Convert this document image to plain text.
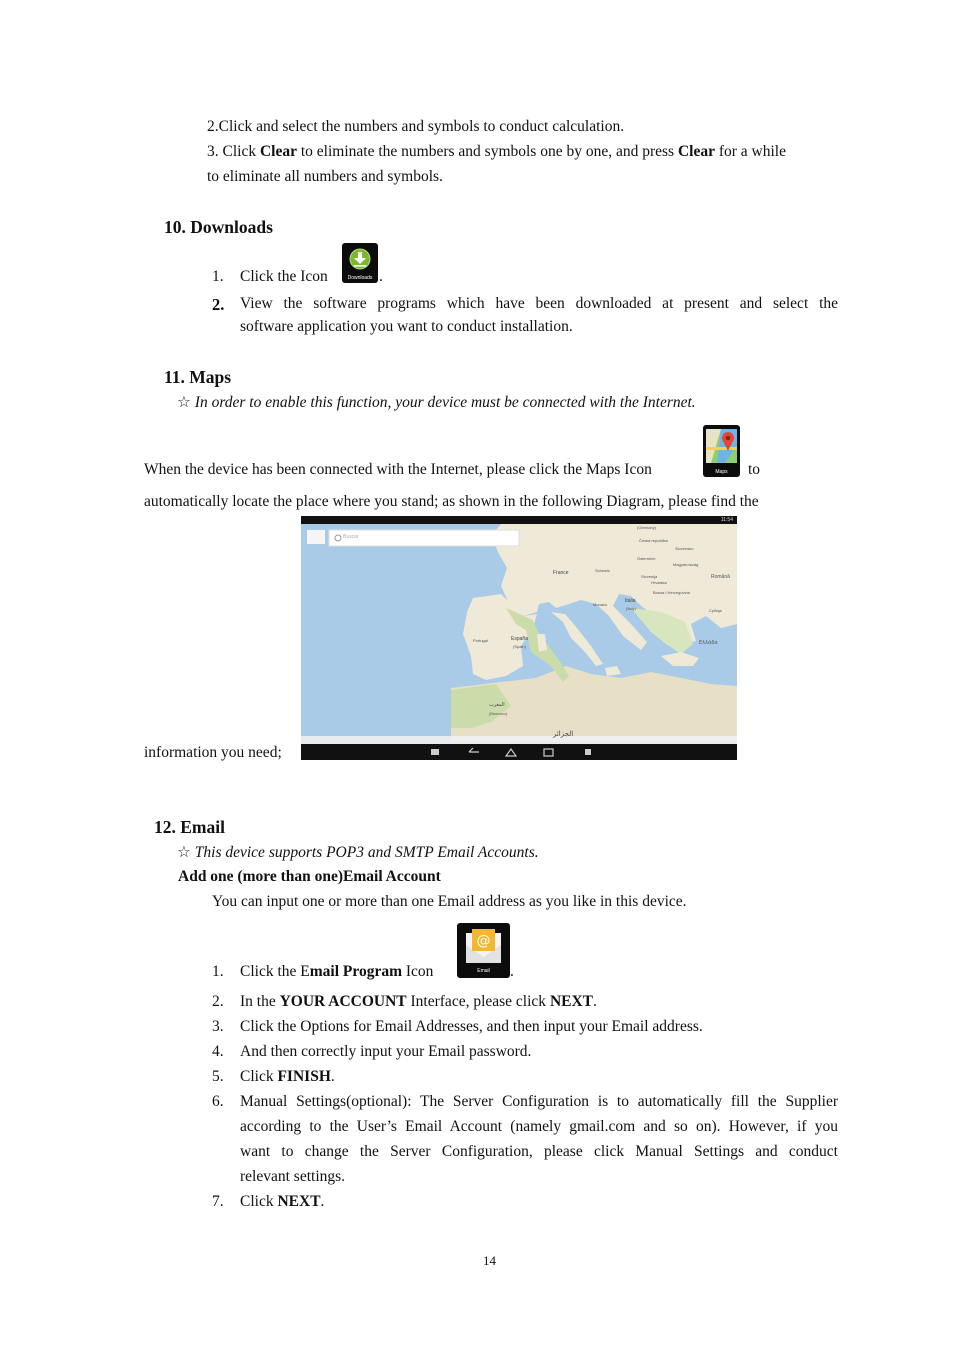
2.Click and select the numbers and symbols to conduct calculation.
3. Click Clear to eliminate the numbers and symbols one by one, and press Clear for a while
to eliminate all numbers and symbols.
10. Downloads
1. Click the Icon	Downloads .
2. View the software programs which have been downloaded at present and select the
software application you want to conduct installation.
11. Maps
☆ In order to enable this function, your device must be connected with the Internet.
When the device has been connected with the Internet, please click the Maps Icon	Maps	to
automatically locate the place where you stand; as shown in the following Diagram, please find the
information you need;
Buscar
11:54
(Germany)
Česká republika
Slovensko
Österreich
Magyarország
Română
France	Schweiz
Slovenija
Hrvatska
Bosna i Hercegovina
Србија
Monaco
Italia
(Italy)
Portugal	España
(Spain)
Ελλάδα
المغرب
(Morocco)
الجزائر
12. Email
☆ This device supports POP3 and SMTP Email Accounts.
Add one (more than one)Email Account
You can input one or more than one Email address as you like in this device.
1. Click the Email Program Icon
@
Email	.
2. In the YOUR ACCOUNT Interface, please click NEXT.
3. Click the Options for Email Addresses, and then input your Email address.
4. And then correctly input your Email password.
5. Click FINISH.
6. Manual Settings(optional): The Server Configuration is to automatically fill the Supplier
according to the User’s Email Account (namely gmail.com and so on). However, if you
want to change the Server Configuration, please click Manual Settings and conduct
relevant settings.
7. Click NEXT.
14
